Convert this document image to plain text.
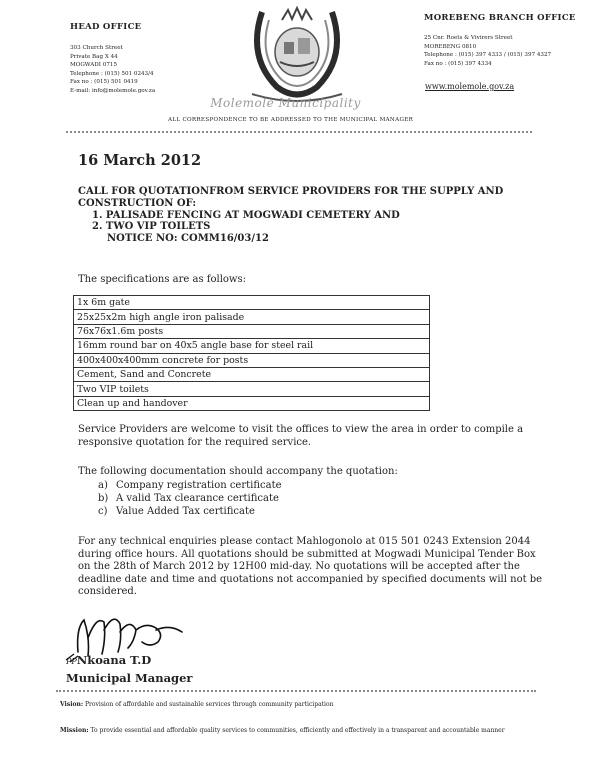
HEAD OFFICE
303 Church Street
Private Bag X 44
MOGWADI 0715
Telephone : (015) 501 0243/4
Fax no : (015) 501 0419
E-mail: info@molemole.gov.za
MOREBENG BRANCH OFFICE
25 Cnr. Roets & Vivirers Street
MOREBENG 0810
Telephone : (015) 397 4333 / (015) 397 4327
Fax no : (015) 397 4334
www.molemole.gov.za
Molemole Municipality
ALL CORRESPONDENCE TO BE ADDRESSED TO THE MUNICIPAL MANAGER
16 March 2012
CALL FOR QUOTATIONFROM SERVICE PROVIDERS FOR THE SUPPLY AND
CONSTRUCTION OF:
1. PALISADE FENCING AT MOGWADI CEMETERY AND
2. TWO VIP TOILETS
NOTICE NO: COMM16/03/12
The specifications are as follows:
1x 6m gate
25x25x2m high angle iron palisade
76x76x1.6m posts
16mm round bar on 40x5 angle base for steel rail
400x400x400mm concrete for posts
Cement, Sand and Concrete
Two VIP toilets
Clean up and handover
Service Providers are welcome to visit the offices to view the area in order to compile a
responsive quotation for the required service.
The following documentation should accompany the quotation:
a) Company registration certificate
b) A valid Tax clearance certificate
c) Value Added Tax certificate
For any technical enquiries please contact Mahlogonolo at 015 501 0243 Extension 2044
during office hours. All quotations should be submitted at Mogwadi Municipal Tender Box
on the 28th of March 2012 by 12H00 mid-day. No quotations will be accepted after the
deadline date and time and quotations not accompanied by specified documents will not be
considered.
PPNkoana T.D
Municipal Manager
Vision: Provision of affordable and sustainable services through community participation
Mission: To provide essential and affordable quality services to communities, efficiently and effectively in a transparent and accountable manner
